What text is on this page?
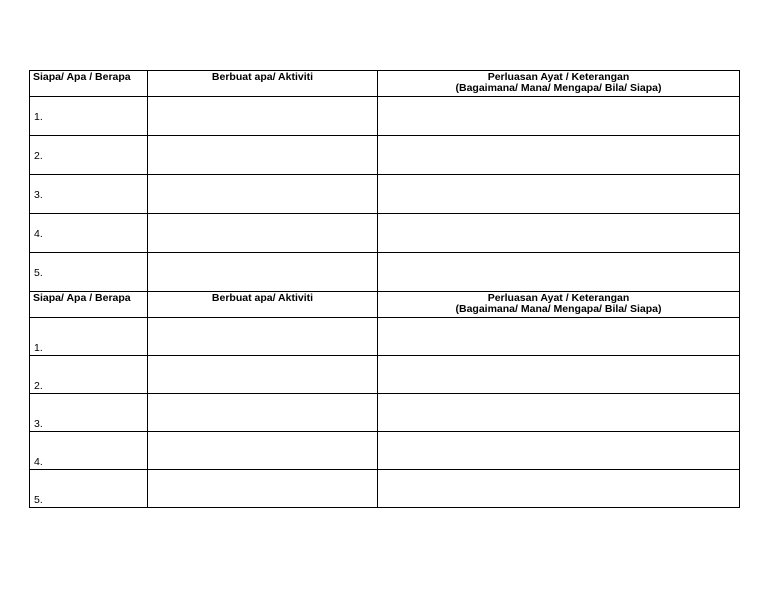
Siapa/ Apa / Berapa	Berbuat apa/ Aktiviti	Perluasan Ayat / Keterangan
(Bagaimana/ Mana/ Mengapa/ Bila/ Siapa)

1.		
2.		
3.		
4.		
5.		
Siapa/ Apa / Berapa	Berbuat apa/ Aktiviti	Perluasan Ayat / Keterangan
(Bagaimana/ Mana/ Mengapa/ Bila/ Siapa)

1.		
2.		
3.		
4.		
5.		
